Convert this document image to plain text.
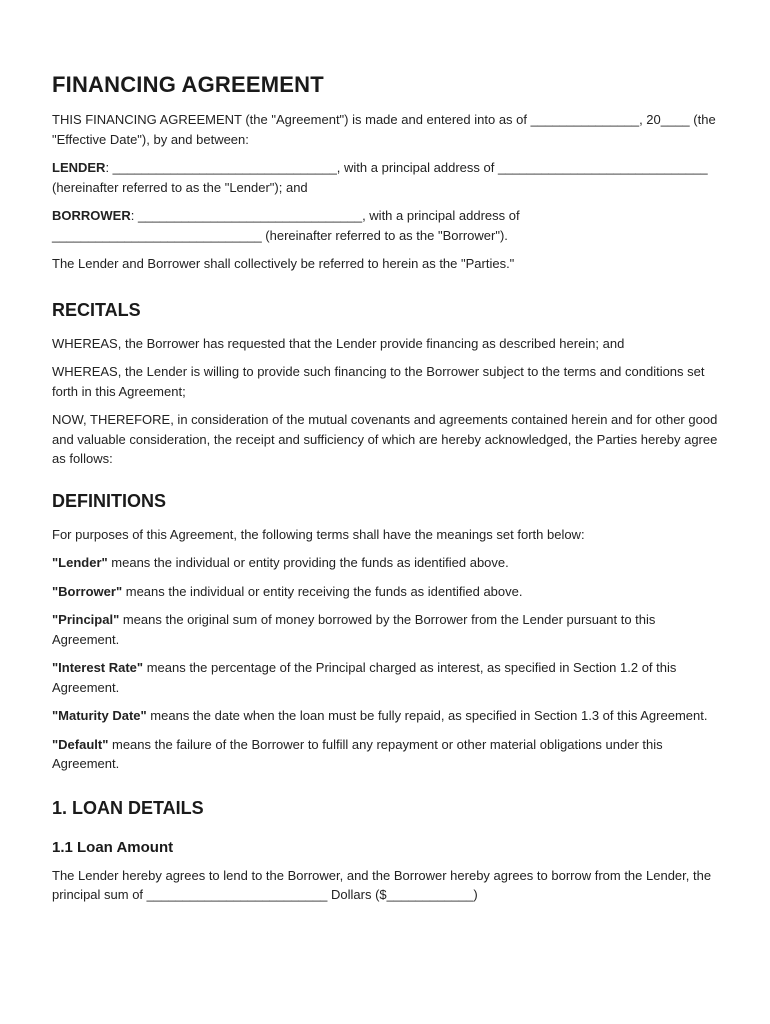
FINANCING AGREEMENT

THIS FINANCING AGREEMENT (the "Agreement") is made and entered into as of _______________, 20____ (the "Effective Date"), by and between:

LENDER: _______________________________, with a principal address of _____________________________ (hereinafter referred to as the "Lender"); and

BORROWER: _______________________________, with a principal address of _____________________________ (hereinafter referred to as the "Borrower").

The Lender and Borrower shall collectively be referred to herein as the "Parties."

RECITALS

WHEREAS, the Borrower has requested that the Lender provide financing as described herein; and

WHEREAS, the Lender is willing to provide such financing to the Borrower subject to the terms and conditions set forth in this Agreement;

NOW, THEREFORE, in consideration of the mutual covenants and agreements contained herein and for other good and valuable consideration, the receipt and sufficiency of which are hereby acknowledged, the Parties hereby agree as follows:

DEFINITIONS

For purposes of this Agreement, the following terms shall have the meanings set forth below:

"Lender" means the individual or entity providing the funds as identified above.

"Borrower" means the individual or entity receiving the funds as identified above.

"Principal" means the original sum of money borrowed by the Borrower from the Lender pursuant to this Agreement.

"Interest Rate" means the percentage of the Principal charged as interest, as specified in Section 1.2 of this Agreement.

"Maturity Date" means the date when the loan must be fully repaid, as specified in Section 1.3 of this Agreement.

"Default" means the failure of the Borrower to fulfill any repayment or other material obligations under this Agreement.

1. LOAN DETAILS
1.1 Loan Amount

The Lender hereby agrees to lend to the Borrower, and the Borrower hereby agrees to borrow from the Lender, the principal sum of _________________________ Dollars ($____________)
